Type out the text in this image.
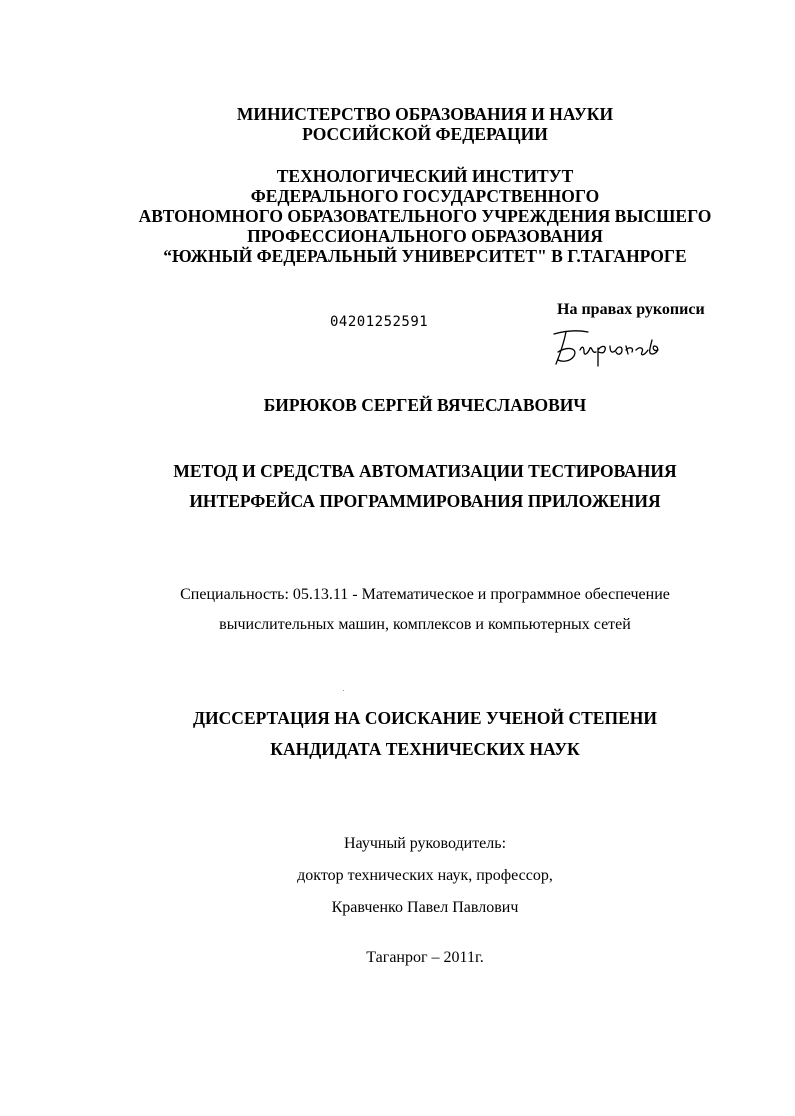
МИНИСТЕРСТВО ОБРАЗОВАНИЯ И НАУКИ
РОССИЙСКОЙ ФЕДЕРАЦИИ
ТЕХНОЛОГИЧЕСКИЙ ИНСТИТУТ
ФЕДЕРАЛЬНОГО ГОСУДАРСТВЕННОГО
АВТОНОМНОГО ОБРАЗОВАТЕЛЬНОГО УЧРЕЖДЕНИЯ ВЫСШЕГО
ПРОФЕССИОНАЛЬНОГО ОБРАЗОВАНИЯ
“ЮЖНЫЙ ФЕДЕРАЛЬНЫЙ УНИВЕРСИТЕТ" В Г.ТАГАНРОГЕ
04201252591
На правах рукописи
БИРЮКОВ СЕРГЕЙ ВЯЧЕСЛАВОВИЧ
МЕТОД И СРЕДСТВА АВТОМАТИЗАЦИИ ТЕСТИРОВАНИЯ
ИНТЕРФЕЙСА ПРОГРАММИРОВАНИЯ ПРИЛОЖЕНИЯ
Специальность: 05.13.11 - Математическое и программное обеспечение
вычислительных машин, комплексов и компьютерных сетей
ДИССЕРТАЦИЯ НА СОИСКАНИЕ УЧЕНОЙ СТЕПЕНИ
КАНДИДАТА ТЕХНИЧЕСКИХ НАУК
Научный руководитель:
доктор технических наук, профессор,
Кравченко Павел Павлович
Таганрог – 2011г.
